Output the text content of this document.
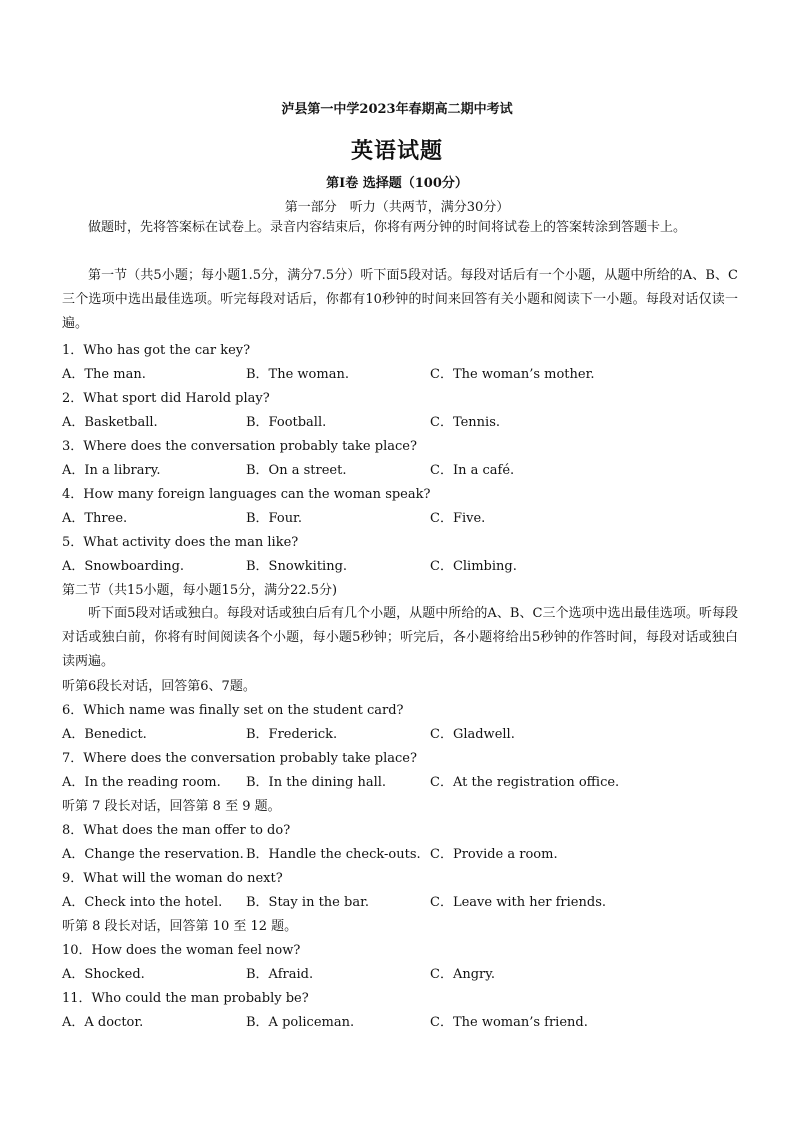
泸县第一中学2023年春期高二期中考试
英语试题
第I卷 选择题（100分）
第一部分　听力（共两节，满分30分）
做题时，先将答案标在试卷上。录音内容结束后，你将有两分钟的时间将试卷上的答案转涂到答题卡上。
第一节（共5小题；每小题1.5分，满分7.5分）听下面5段对话。每段对话后有一个小题，从题中所给的A、B、C三个选项中选出最佳选项。听完每段对话后，你都有10秒钟的时间来回答有关小题和阅读下一小题。每段对话仅读一遍。
1．Who has got the car key?
A．The man.	B．The woman.	C．The woman’s mother.
2．What sport did Harold play?
A．Basketball.	B．Football.	C．Tennis.
3．Where does the conversation probably take place?
A．In a library.	B．On a street.	C．In a café.
4．How many foreign languages can the woman speak?
A．Three.	B．Four.	C．Five.
5．What activity does the man like?
A．Snowboarding.	B．Snowkiting.	C．Climbing.
第二节（共15小题，每小题15分，满分22.5分)
听下面5段对话或独白。每段对话或独白后有几个小题，从题中所给的A、B、C三个选项中选出最佳选项。听每段对话或独白前，你将有时间阅读各个小题，每小题5秒钟；听完后，各小题将给出5秒钟的作答时间，每段对话或独白读两遍。
听第6段长对话，回答第6、7题。
6．Which name was finally set on the student card?
A．Benedict.	B．Frederick.	C．Gladwell.
7．Where does the conversation probably take place?
A．In the reading room. B．In the dining hall.	C．At the registration office.
听第 7 段长对话，回答第 8 至 9 题。
8．What does the man offer to do?
A．Change the reservation. B．Handle the check-outs. C．Provide a room.
9．What will the woman do next?
A．Check into the hotel. B．Stay in the bar.	C．Leave with her friends.
听第 8 段长对话，回答第 10 至 12 题。
10．How does the woman feel now?
A．Shocked.	B．Afraid.	C．Angry.
11．Who could the man probably be?
A．A doctor.	B．A policeman.	C．The woman’s friend.
